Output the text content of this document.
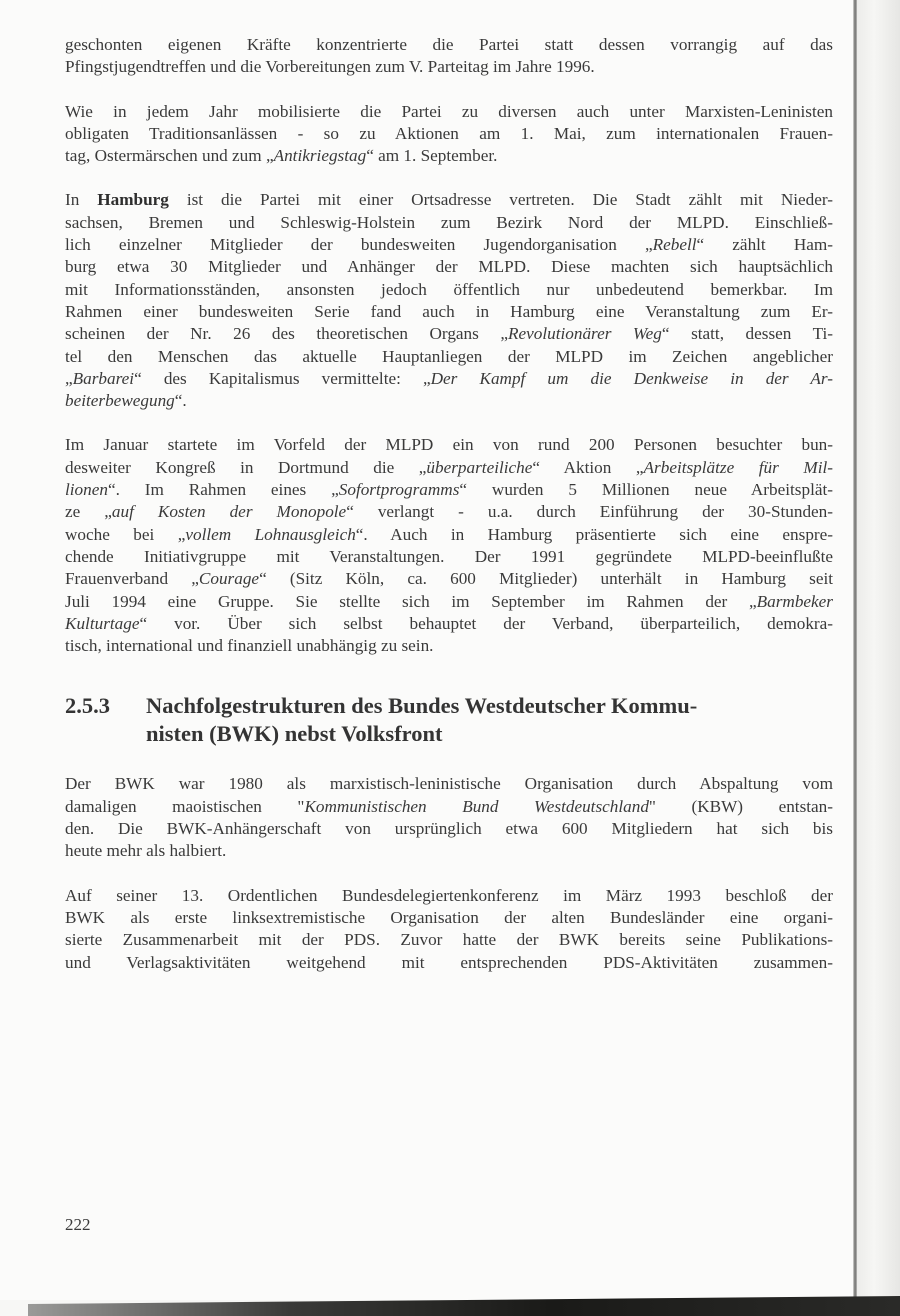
geschonten eigenen Kräfte konzentrierte die Partei statt dessen vorrangig auf das
Pfingstjugendtreffen und die Vorbereitungen zum V. Parteitag im Jahre 1996.

Wie in jedem Jahr mobilisierte die Partei zu diversen auch unter Marxisten-Leninisten
obligaten Traditionsanlässen - so zu Aktionen am 1. Mai, zum internationalen Frauen-
tag, Ostermärschen und zum „Antikriegstag“ am 1. September.

In Hamburg ist die Partei mit einer Ortsadresse vertreten. Die Stadt zählt mit Nieder-
sachsen, Bremen und Schleswig-Holstein zum Bezirk Nord der MLPD. Einschließ-
lich einzelner Mitglieder der bundesweiten Jugendorganisation „Rebell“ zählt Ham-
burg etwa 30 Mitglieder und Anhänger der MLPD. Diese machten sich hauptsächlich
mit Informationsständen, ansonsten jedoch öffentlich nur unbedeutend bemerkbar. Im
Rahmen einer bundesweiten Serie fand auch in Hamburg eine Veranstaltung zum Er-
scheinen der Nr. 26 des theoretischen Organs „Revolutionärer Weg“ statt, dessen Ti-
tel den Menschen das aktuelle Hauptanliegen der MLPD im Zeichen angeblicher
„Barbarei“ des Kapitalismus vermittelte: „Der Kampf um die Denkweise in der Ar-
beiterbewegung“.

Im Januar startete im Vorfeld der MLPD ein von rund 200 Personen besuchter bun-
desweiter Kongreß in Dortmund die „überparteiliche“ Aktion „Arbeitsplätze für Mil-
lionen“. Im Rahmen eines „Sofortprogramms“ wurden 5 Millionen neue Arbeitsplät-
ze „auf Kosten der Monopole“ verlangt - u.a. durch Einführung der 30-Stunden-
woche bei „vollem Lohnausgleich“. Auch in Hamburg präsentierte sich eine enspre-
chende Initiativgruppe mit Veranstaltungen. Der 1991 gegründete MLPD-beeinflußte
Frauenverband „Courage“ (Sitz Köln, ca. 600 Mitglieder) unterhält in Hamburg seit
Juli 1994 eine Gruppe. Sie stellte sich im September im Rahmen der „Barmbeker
Kulturtage“ vor. Über sich selbst behauptet der Verband, überparteilich, demokra-
tisch, international und finanziell unabhängig zu sein.

2.5.3	Nachfolgestrukturen des Bundes Westdeutscher Kommu-
nisten (BWK) nebst Volksfront

Der BWK war 1980 als marxistisch-leninistische Organisation durch Abspaltung vom
damaligen maoistischen "Kommunistischen Bund Westdeutschland" (KBW) entstan-
den. Die BWK-Anhängerschaft von ursprünglich etwa 600 Mitgliedern hat sich bis
heute mehr als halbiert.

Auf seiner 13. Ordentlichen Bundesdelegiertenkonferenz im März 1993 beschloß der
BWK als erste linksextremistische Organisation der alten Bundesländer eine organi-
sierte Zusammenarbeit mit der PDS. Zuvor hatte der BWK bereits seine Publikations-
und Verlagsaktivitäten weitgehend mit entsprechenden PDS-Aktivitäten zusammen-

222
